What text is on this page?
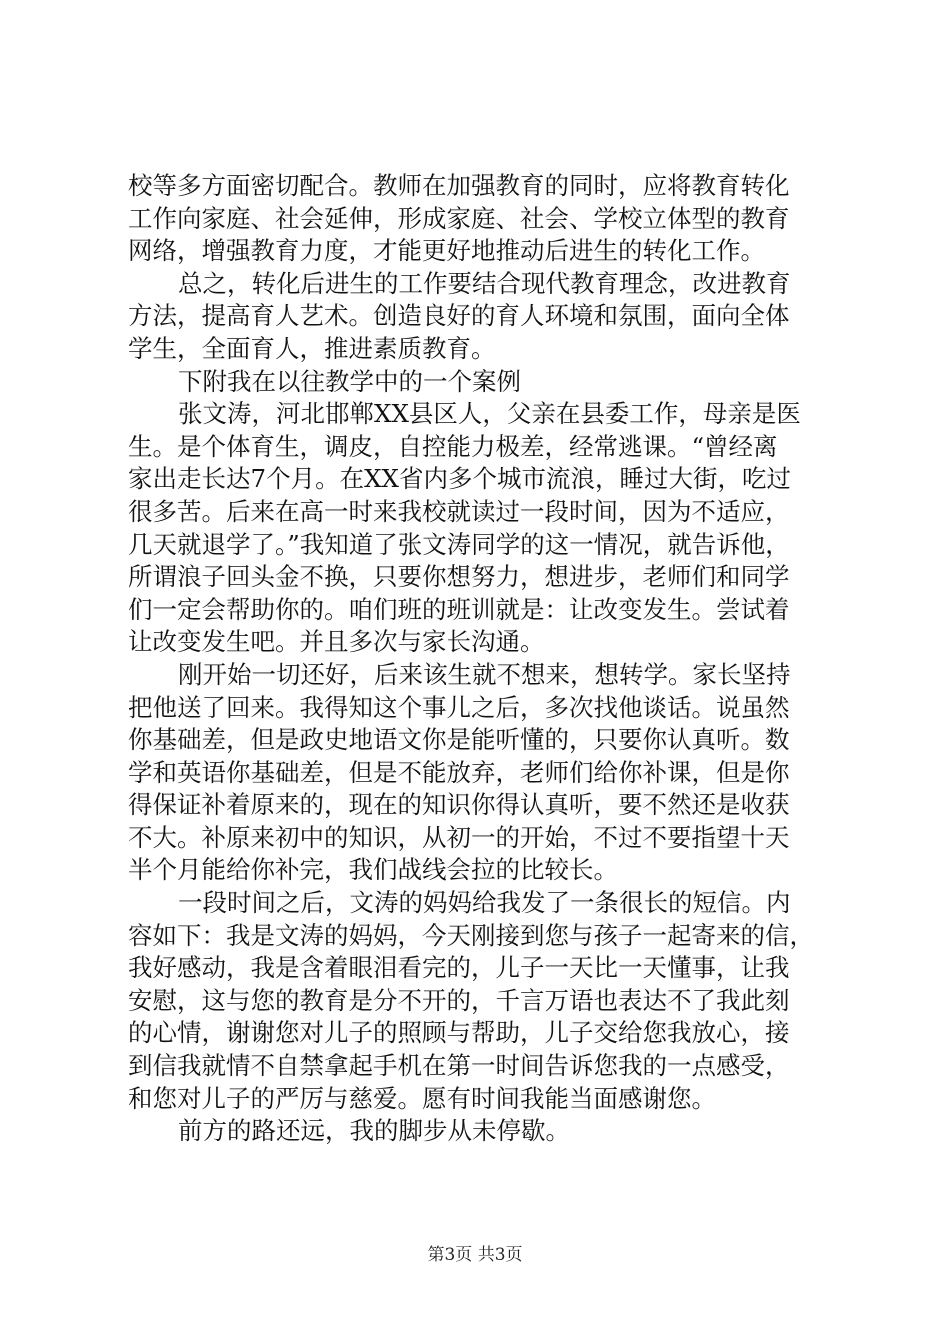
校等多方面密切配合。教师在加强教育的同时，应将教育转化
工作向家庭、社会延伸，形成家庭、社会、学校立体型的教育
网络，增强教育力度，才能更好地推动后进生的转化工作。
总之，转化后进生的工作要结合现代教育理念，改进教育
方法，提高育人艺术。创造良好的育人环境和氛围，面向全体
学生，全面育人，推进素质教育。
下附我在以往教学中的一个案例
张文涛，河北邯郸XX县区人，父亲在县委工作，母亲是医
生。是个体育生，调皮，自控能力极差，经常逃课。“曾经离
家出走长达7个月。在XX省内多个城市流浪，睡过大街，吃过
很多苦。后来在高一时来我校就读过一段时间，因为不适应，
几天就退学了。”我知道了张文涛同学的这一情况，就告诉他，
所谓浪子回头金不换，只要你想努力，想进步，老师们和同学
们一定会帮助你的。咱们班的班训就是：让改变发生。尝试着
让改变发生吧。并且多次与家长沟通。
刚开始一切还好，后来该生就不想来，想转学。家长坚持
把他送了回来。我得知这个事儿之后，多次找他谈话。说虽然
你基础差，但是政史地语文你是能听懂的，只要你认真听。数
学和英语你基础差，但是不能放弃，老师们给你补课，但是你
得保证补着原来的，现在的知识你得认真听，要不然还是收获
不大。补原来初中的知识，从初一的开始，不过不要指望十天
半个月能给你补完，我们战线会拉的比较长。
一段时间之后，文涛的妈妈给我发了一条很长的短信。内
容如下：我是文涛的妈妈，今天刚接到您与孩子一起寄来的信，
我好感动，我是含着眼泪看完的，儿子一天比一天懂事，让我
安慰，这与您的教育是分不开的，千言万语也表达不了我此刻
的心情，谢谢您对儿子的照顾与帮助，儿子交给您我放心，接
到信我就情不自禁拿起手机在第一时间告诉您我的一点感受，
和您对儿子的严厉与慈爱。愿有时间我能当面感谢您。
前方的路还远，我的脚步从未停歇。
第3页 共3页
